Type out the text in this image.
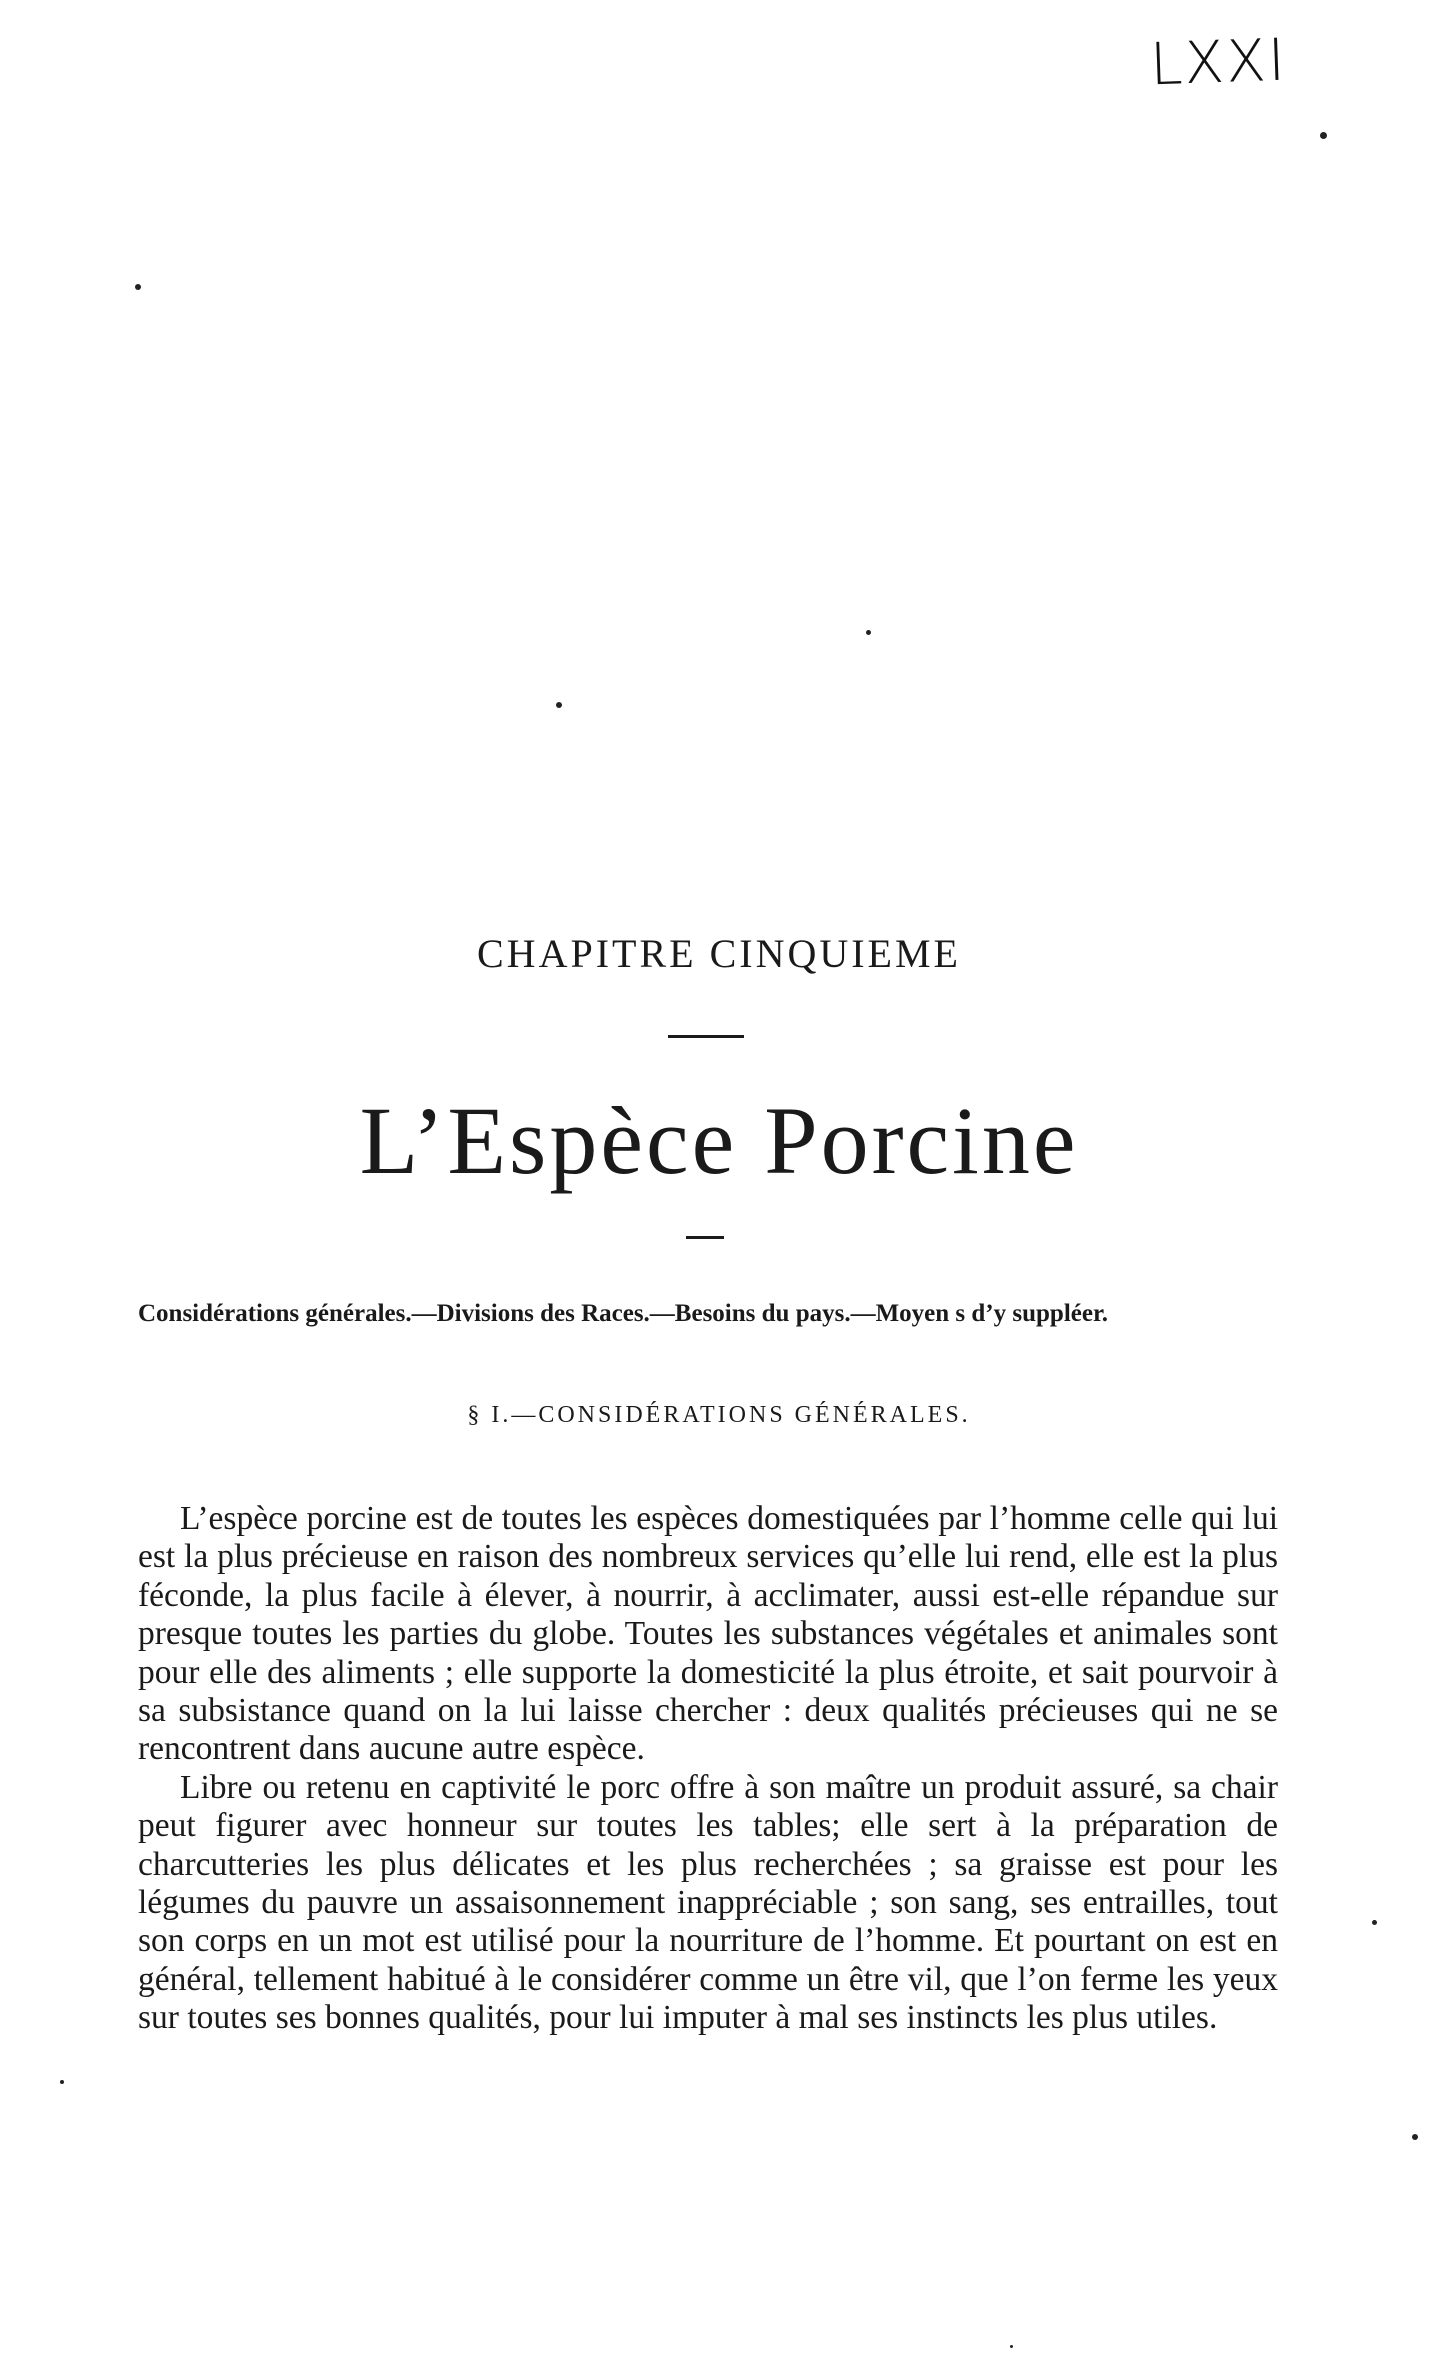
LXXI
CHAPITRE CINQUIEME
L’Espèce Porcine
Considérations générales.—Divisions des Races.—Besoins du pays.—Moyen s d’y suppléer.
§ I.—CONSIDÉRATIONS GÉNÉRALES.

L’espèce porcine est de toutes les espèces domestiquées par l’homme celle qui lui est la plus précieuse en raison des nombreux services qu’elle lui rend, elle est la plus féconde, la plus facile à élever, à nourrir, à acclimater, aussi est-elle répandue sur presque toutes les parties du globe. Toutes les substances végétales et animales sont pour elle des aliments ; elle supporte la domesticité la plus étroite, et sait pourvoir à sa subsistance quand on la lui laisse chercher : deux qualités précieuses qui ne se rencontrent dans aucune autre espèce.

Libre ou retenu en captivité le porc offre à son maître un produit assuré, sa chair peut figurer avec honneur sur toutes les tables; elle sert à la préparation de charcutteries les plus délicates et les plus recherchées ; sa graisse est pour les légumes du pauvre un assaisonnement inappréciable ; son sang, ses entrailles, tout son corps en un mot est utilisé pour la nourriture de l’homme. Et pourtant on est en général, tellement habitué à le considérer comme un être vil, que l’on ferme les yeux sur toutes ses bonnes qualités, pour lui imputer à mal ses instincts les plus utiles.
